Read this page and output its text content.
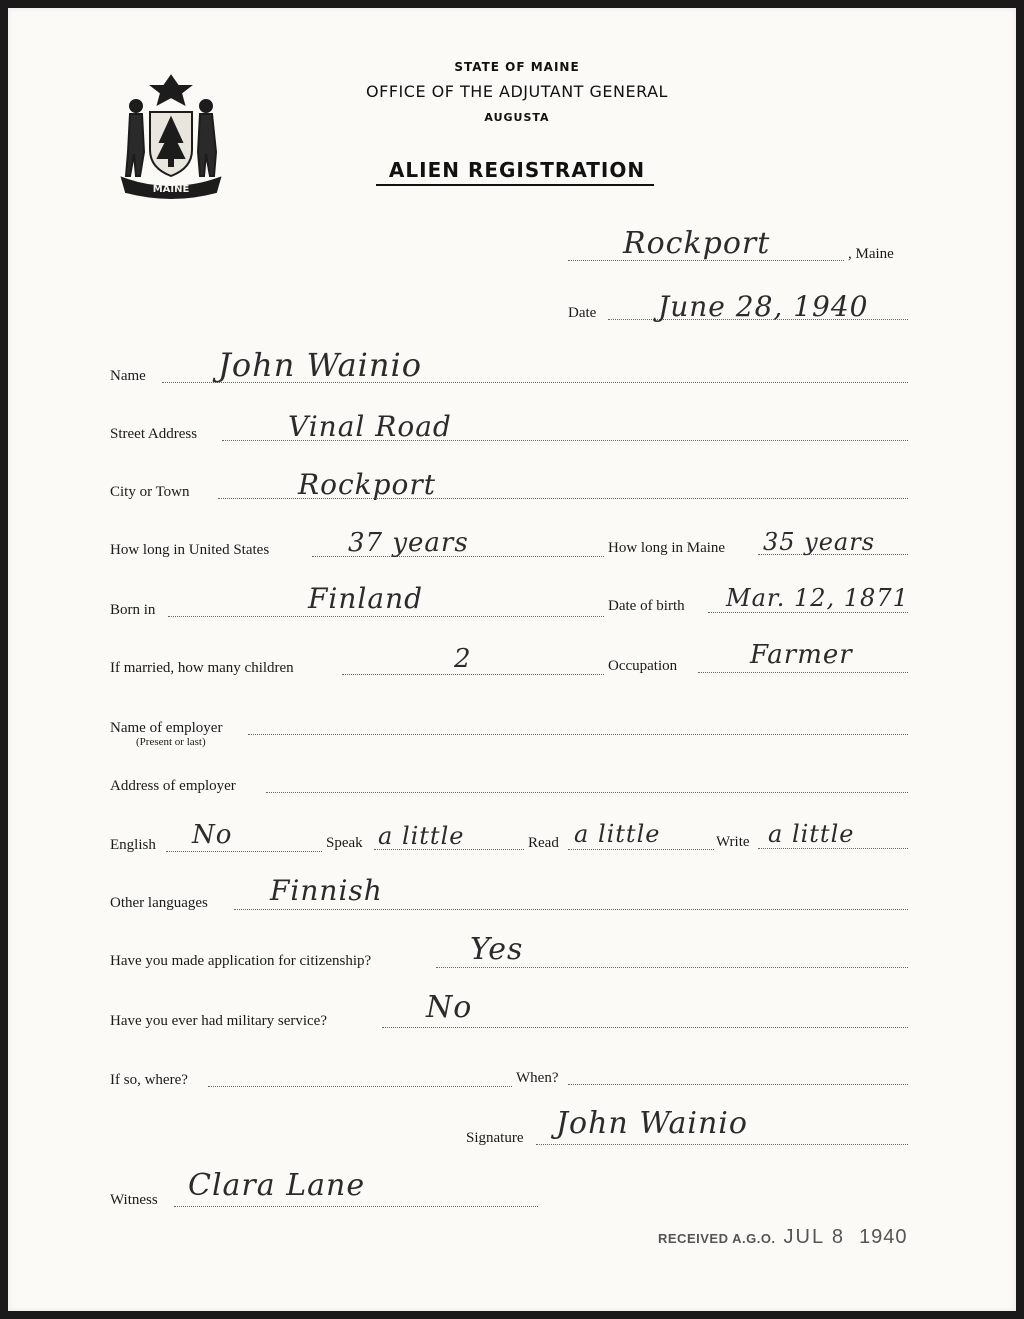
MAINE
STATE OF MAINE
OFFICE OF THE ADJUTANT GENERAL
AUGUSTA
ALIEN REGISTRATION
Rockport	, Maine
Date June 28, 1940
Name John Wainio
Street Address	Vinal Road
City or Town	Rockport
How long in United States	37 years	How long in Maine 35 years
Born in	Finland	Date of birth Mar. 12, 1871
If married, how many children	2	Occupation	Farmer
Name of employer
(Present or last)
Address of employer
English No	Speak a little	Read a little	Write a little
Other languages Finnish
Have you made application for citizenship?	Yes
Have you ever had military service?	No
If so, where?	When?
Signature John Wainio
Witness Clara Lane
RECEIVED A.G.O. JUL 8 1940
